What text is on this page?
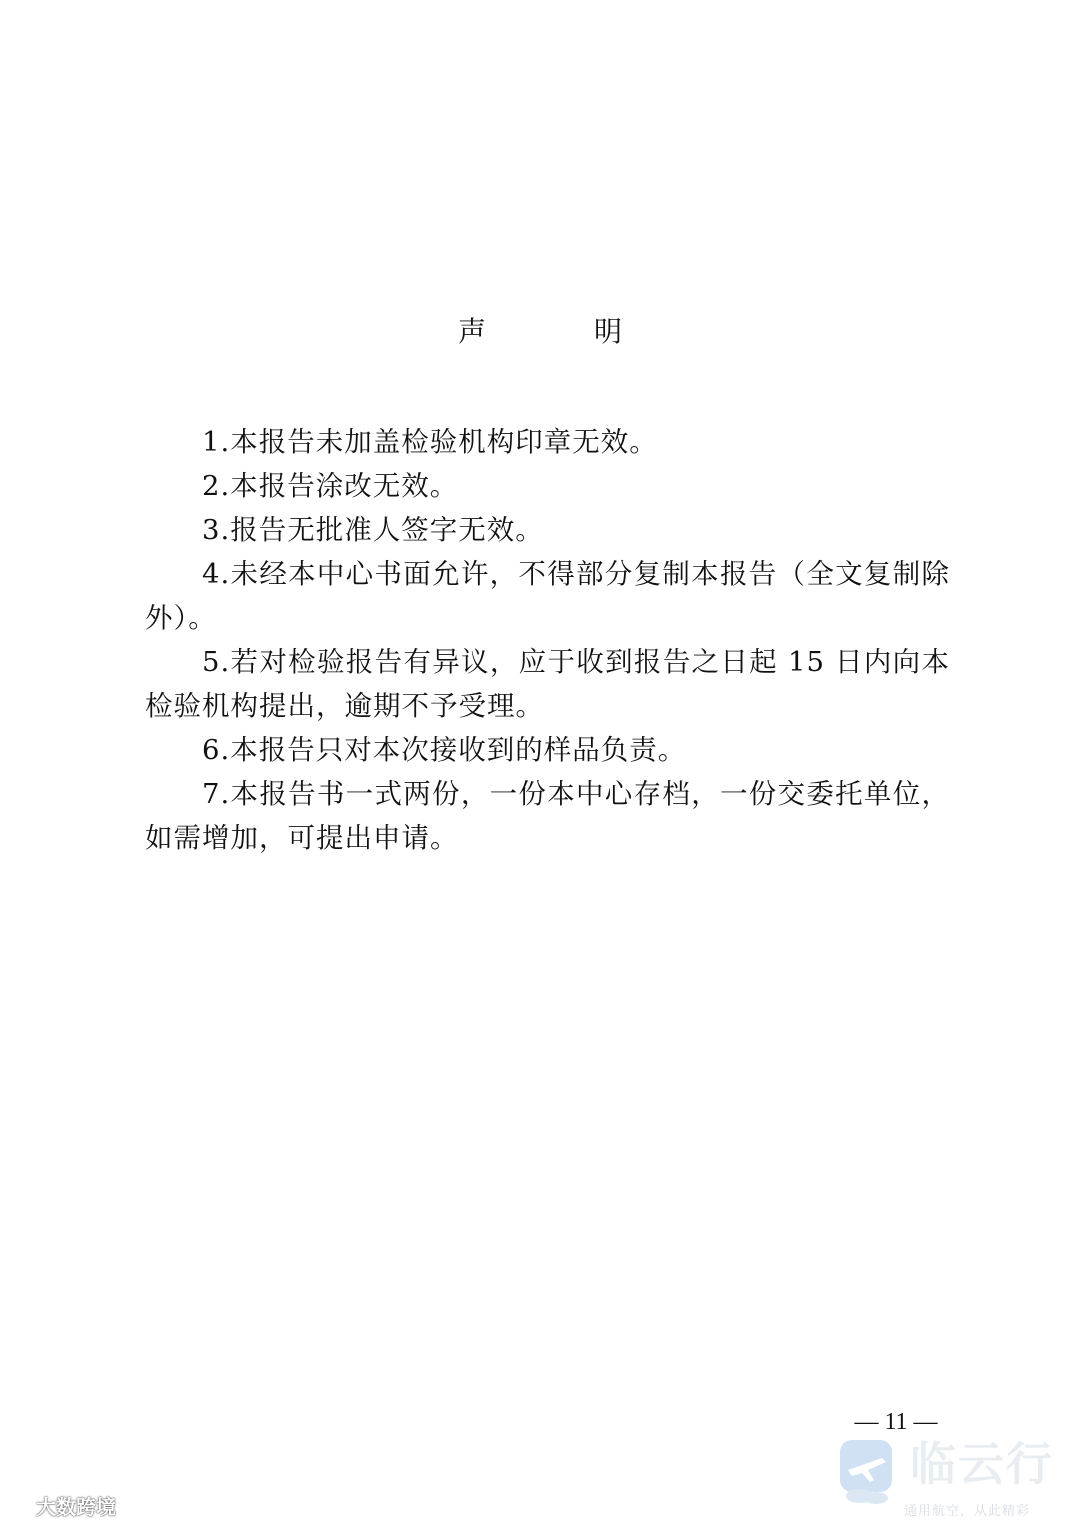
声　明
1.本报告未加盖检验机构印章无效。
2.本报告涂改无效。
3.报告无批准人签字无效。
4.未经本中心书面允许，不得部分复制本报告（全文复制除外）。
5.若对检验报告有异议，应于收到报告之日起 15 日内向本检验机构提出，逾期不予受理。
6.本报告只对本次接收到的样品负责。
7.本报告书一式两份，一份本中心存档，一份交委托单位，如需增加，可提出申请。
— 11 —
大数跨境
临云行
通用航空，从此精彩
